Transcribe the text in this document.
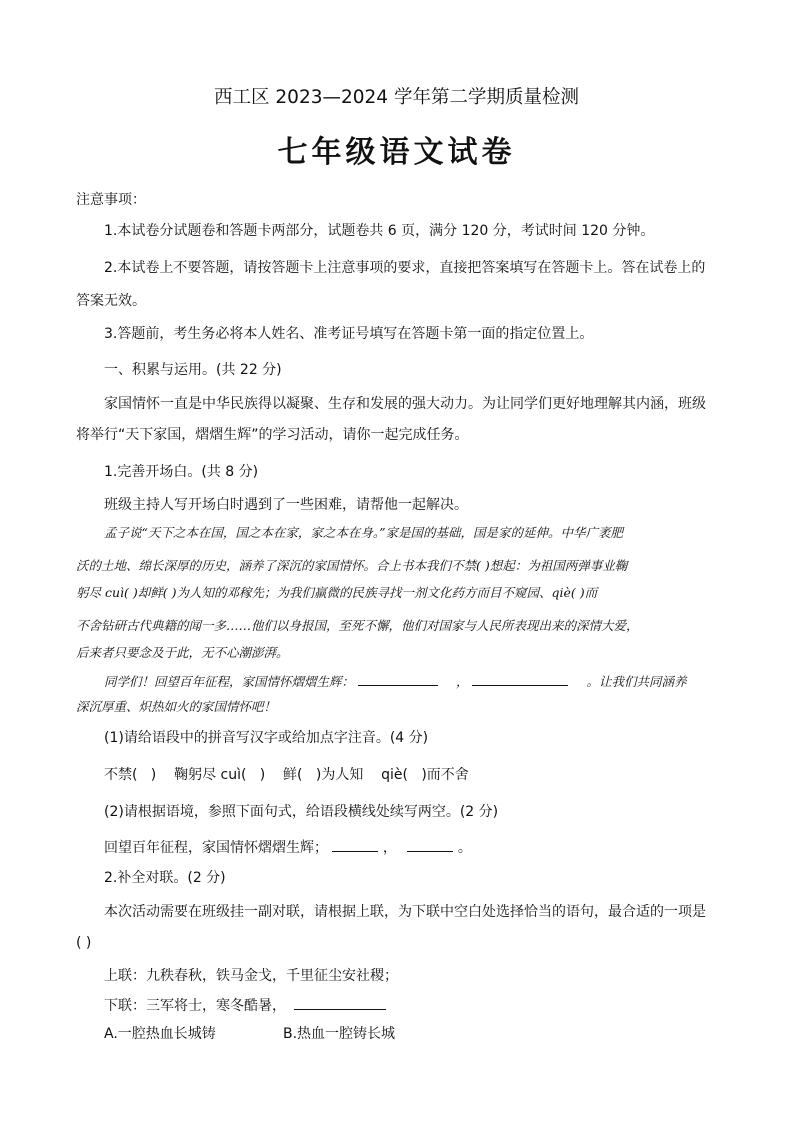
西工区 2023—2024 学年第二学期质量检测
七年级语文试卷
注意事项：
1.本试卷分试题卷和答题卡两部分，试题卷共 6 页，满分 120 分，考试时间 120 分钟。
2.本试卷上不要答题，请按答题卡上注意事项的要求，直接把答案填写在答题卡上。答在试卷上的
答案无效。
3.答题前，考生务必将本人姓名、准考证号填写在答题卡第一面的指定位置上。
一、积累与运用。(共 22 分)
家国情怀一直是中华民族得以凝聚、生存和发展的强大动力。为让同学们更好地理解其内涵，班级
将举行“天下家国，熠熠生辉”的学习活动，请你一起完成任务。
1.完善开场白。(共 8 分)
班级主持人写开场白时遇到了一些困难，请帮他一起解决。
孟子说“天下之本在国，国之本在家，家之本在身。”家是国的基础，国是家的延伸。中华广袤肥
沃的土地、绵长深厚的历史，涵养了深沉的家国情怀。合上书本我们不禁( )想起：为祖国两弹事业鞠
躬尽 cuì( )却鲜( )为人知的邓稼先；为我们羸微的民族寻找一剂文化药方而目不窥园、qiè( )而
不舍钻研古代典籍的闻一多……他们以身报国，至死不懈，他们对国家与人民所表现出来的深情大爱，
后来者只要念及于此，无不心潮澎湃。
同学们！回望百年征程，家国情怀熠熠生辉：	，	。让我们共同涵养
深沉厚重、炽热如火的家国情怀吧！
(1)请给语段中的拼音写汉字或给加点字注音。(4 分)
不禁(   )    鞠躬尽 cuì(   )    鲜(   )为人知    qiè(   )而不舍
(2)请根据语境，参照下面句式，给语段横线处续写两空。(2 分)
回望百年征程，家国情怀熠熠生辉；	，	。
2.补全对联。(2 分)
本次活动需要在班级挂一副对联，请根据上联，为下联中空白处选择恰当的语句，最合适的一项是
( )
上联：九秩春秋，铁马金戈，千里征尘安社稷；
下联：三军将士，寒冬酷暑，
A.一腔热血长城铸	B.热血一腔铸长城
